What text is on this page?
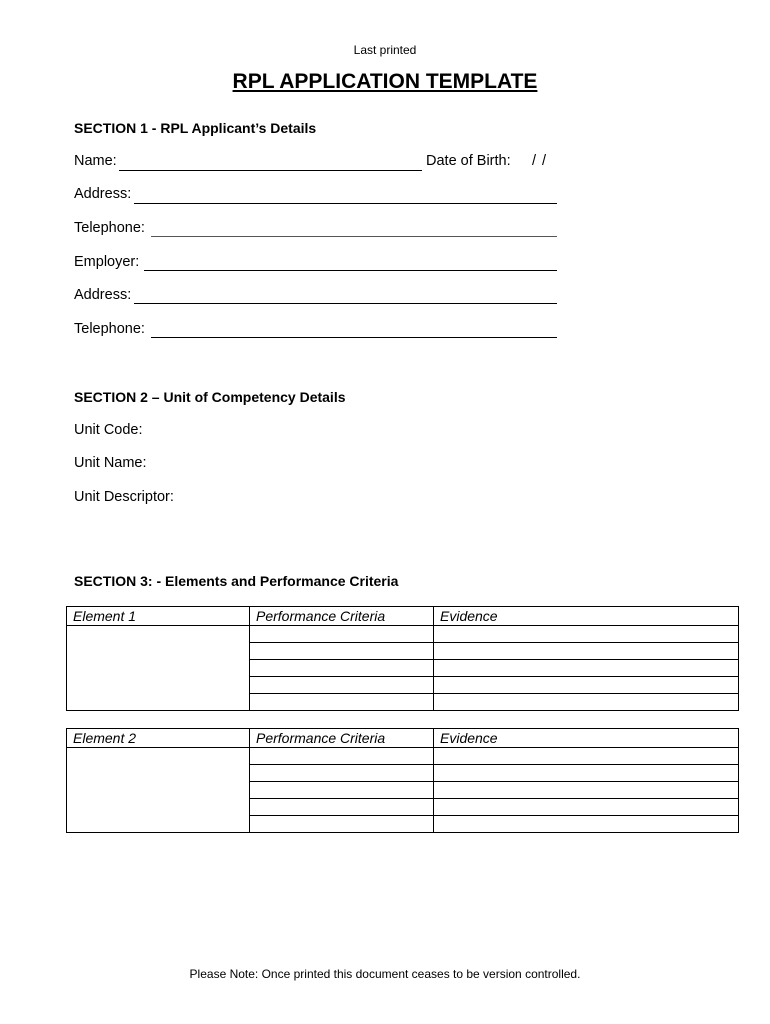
Last printed
RPL APPLICATION TEMPLATE
SECTION 1 - RPL Applicant’s Details
Name:	Date of Birth: / /
Address:
Telephone:
Employer:
Address:
Telephone:
SECTION 2 – Unit of Competency Details
Unit Code:
Unit Name:
Unit Descriptor:
SECTION 3: - Elements and Performance Criteria
Element 1	Performance Criteria	Evidence

Element 2	Performance Criteria	Evidence

Please Note: Once printed this document ceases to be version controlled.
